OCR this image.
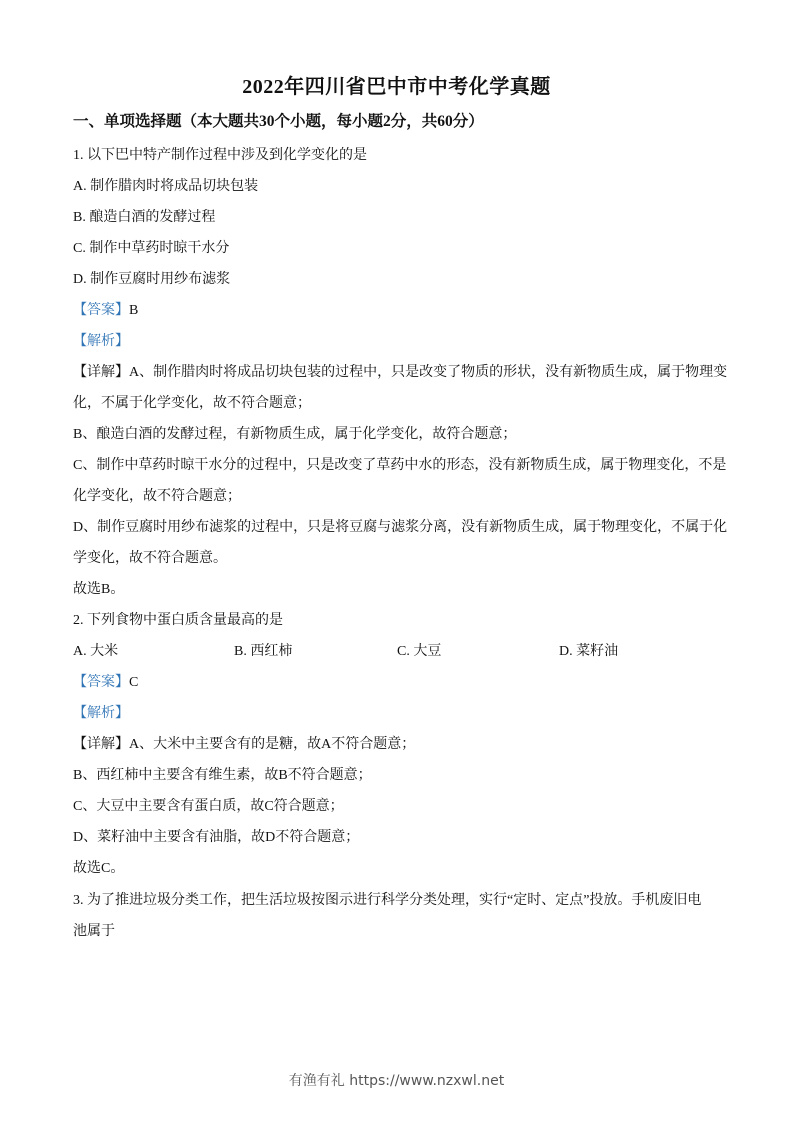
2022年四川省巴中市中考化学真题
一、单项选择题（本大题共30个小题，每小题2分，共60分）
1. 以下巴中特产制作过程中涉及到化学变化的是
A. 制作腊肉时将成品切块包装
B. 酿造白酒的发酵过程
C. 制作中草药时晾干水分
D. 制作豆腐时用纱布滤浆
【答案】B
【解析】
【详解】A、制作腊肉时将成品切块包装的过程中，只是改变了物质的形状，没有新物质生成，属于物理变
化，不属于化学变化，故不符合题意；
B、酿造白酒的发酵过程，有新物质生成，属于化学变化，故符合题意；
C、制作中草药时晾干水分的过程中，只是改变了草药中水的形态，没有新物质生成，属于物理变化，不是
化学变化，故不符合题意；
D、制作豆腐时用纱布滤浆的过程中，只是将豆腐与滤浆分离，没有新物质生成，属于物理变化，不属于化
学变化，故不符合题意。
故选B。
2. 下列食物中蛋白质含量最高的是
A. 大米	B. 西红柿	C. 大豆	D. 菜籽油
【答案】C
【解析】
【详解】A、大米中主要含有的是糖，故A不符合题意；
B、西红柿中主要含有维生素，故B不符合题意；
C、大豆中主要含有蛋白质，故C符合题意；
D、菜籽油中主要含有油脂，故D不符合题意；
故选C。
3. 为了推进垃圾分类工作，把生活垃圾按图示进行科学分类处理，实行“定时、定点”投放。手机废旧电
池属于
有渔有礼 https://www.nzxwl.net
